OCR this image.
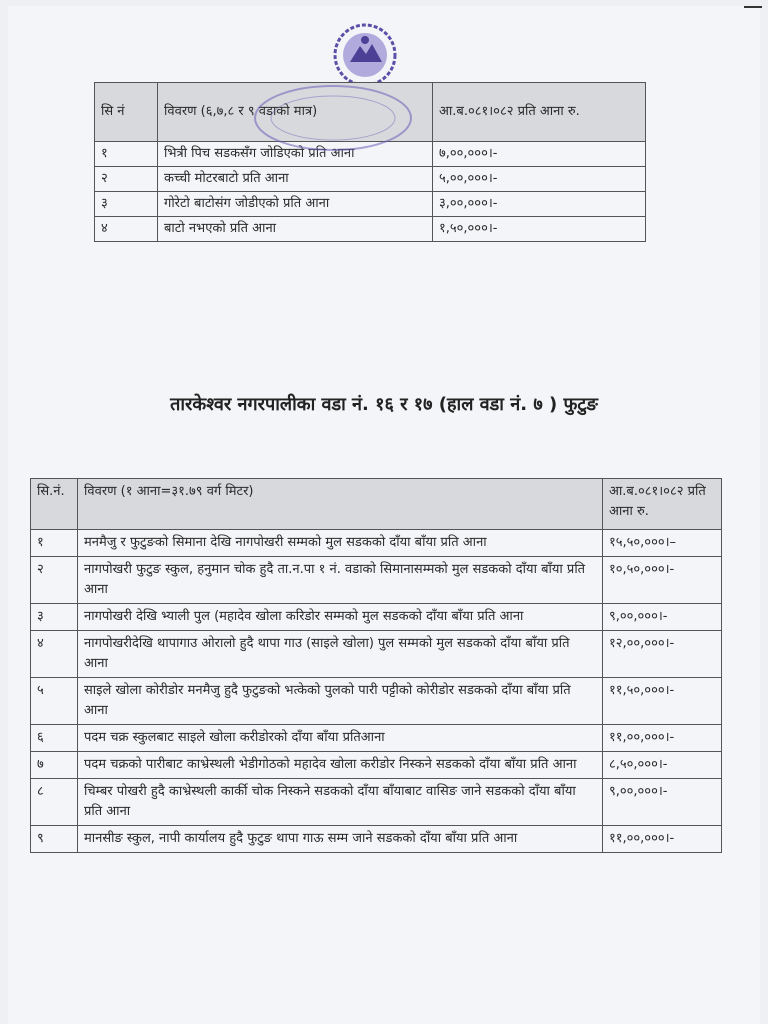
सि नं	विवरण (६,७,८ र ९ वडाको मात्र)	आ.ब.०८१।०८२ प्रति आना रु.
१	भित्री पिच सडकसँग जोडिएको प्रति आना	७,००,०००।-
२	कच्ची मोटरबाटो प्रति आना	५,००,०००।-
३	गोरेटो बाटोसंग जोडीएको प्रति आना	३,००,०००।-
४	बाटो नभएको प्रति आना	१,५०,०००।-
तारकेश्वर नगरपालीका वडा नं. १६ र १७ (हाल वडा नं. ७ ) फुटुङ
सि.नं.	विवरण (१ आना=३१.७९ वर्ग मिटर)	आ.ब.०८१।०८२ प्रति आना रु.
१	मनमैजु र फुटुङको सिमाना देखि नागपोखरी सम्मको मुल सडकको दाँया बाँया प्रति आना	१५,५०,०००।–
२	नागपोखरी फुटुङ स्कुल, हनुमान चोक हुदै ता.न.पा १ नं. वडाको सिमानासम्मको मुल सडकको दाँया बाँया प्रति आना	१०,५०,०००।-
३	नागपोखरी देखि भ्याली पुल (महादेव खोला करिडोर सम्मको मुल सडकको दाँया बाँया प्रति आना	९,००,०००।-
४	नागपोखरीदेखि थापागाउ ओरालो हुदै थापा गाउ (साइले खोला) पुल सम्मको मुल सडकको दाँया बाँया प्रति आना	१२,००,०००।-
५	साइले खोला कोरीडोर मनमैजु हुदै फुटुङको भत्केको पुलको पारी पट्टीको कोरीडोर सडकको दाँया बाँया प्रति आना	११,५०,०००।-
६	पदम चक्र स्कुलबाट साइले खोला करीडोरको दाँया बाँया प्रतिआना	११,००,०००।-
७	पदम चक्रको पारीबाट काभ्रेस्थली भेडीगोठको महादेव खोला करीडोर निस्कने सडकको दाँया बाँया प्रति आना	८,५०,०००।-
८	चिम्बर पोखरी हुदै काभ्रेस्थली कार्की चोक निस्कने सडकको दाँया बाँयाबाट वासिङ जाने सडकको दाँया बाँया प्रति आना	९,००,०००।-
९	मानसीङ स्कुल, नापी कार्यालय हुदै फुटुङ थापा गाऊ सम्म जाने सडकको दाँया बाँया प्रति आना	११,००,०००।-
